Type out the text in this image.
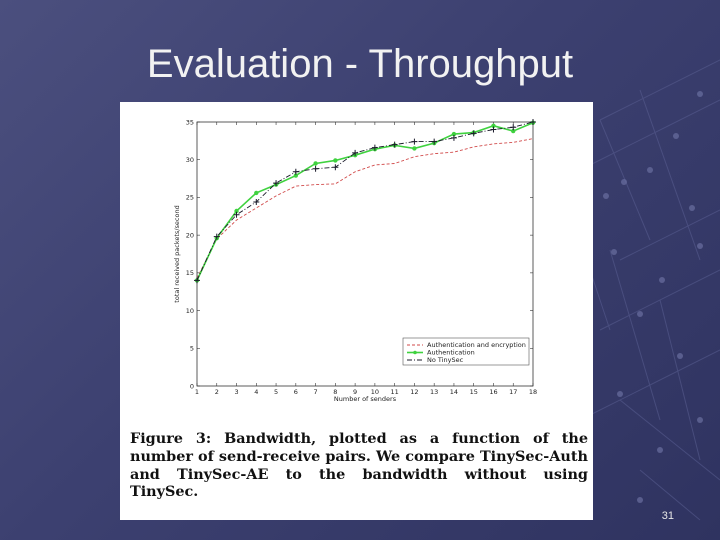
Evaluation - Throughput
1 2 3 4 5 6 7 8 9 10 11 12 13 14 15 16 17 18
0
5
10
15
20
25
30
35
Number of senders
total received packets/second
Authentication and encryption
Authentication
No TinySec

Figure 3: Bandwidth, plotted as a function of the number of send-receive pairs. We compare TinySec-Auth and TinySec-AE to the bandwidth without using TinySec.

31
